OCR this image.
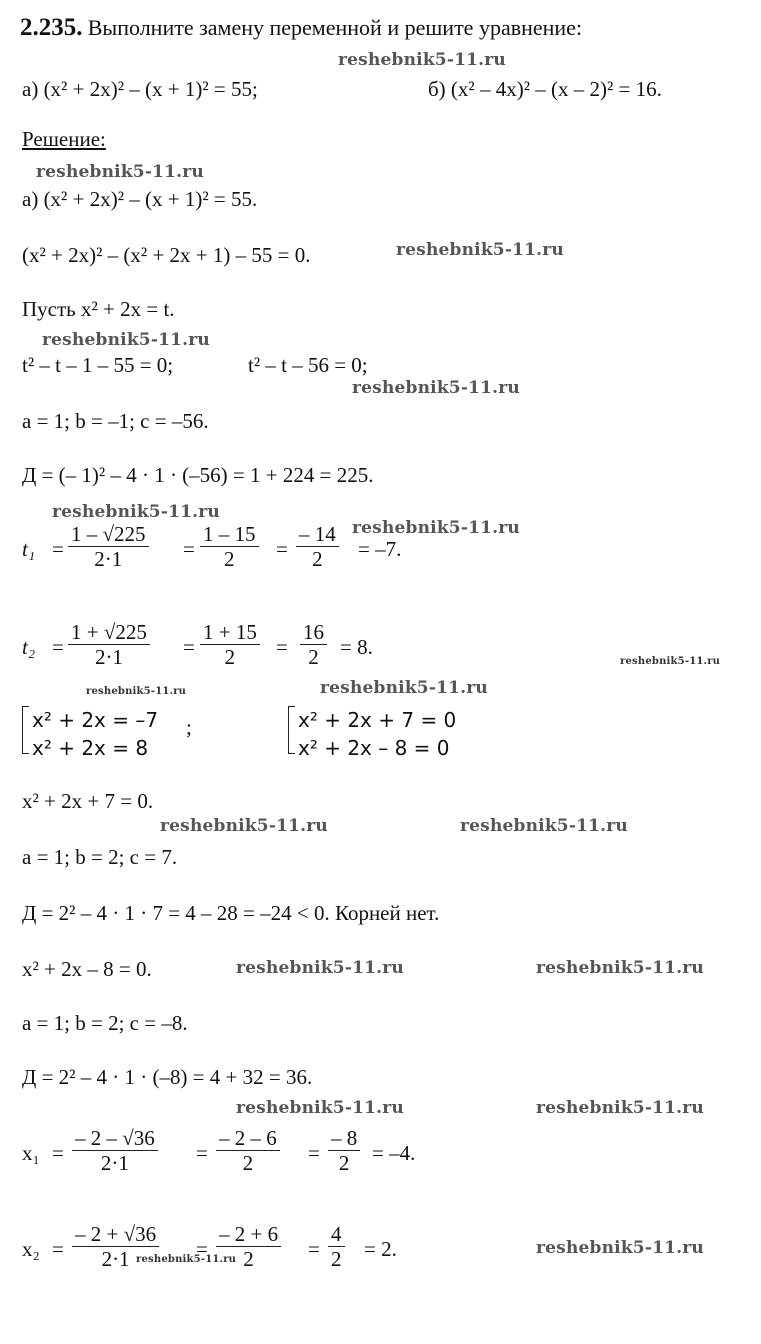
2.235. Выполните замену переменной и решите уравнение:
reshebnik5-11.ru
а) (x² + 2x)² – (x + 1)² = 55;	б) (x² – 4x)² – (x – 2)² = 16.
Решение:
reshebnik5-11.ru
а) (x² + 2x)² – (x + 1)² = 55.
(x² + 2x)² – (x² + 2x + 1) – 55 = 0.	reshebnik5-11.ru
Пусть x² + 2x = t.
reshebnik5-11.ru
t² – t – 1 – 55 = 0;	t² – t – 56 = 0;
reshebnik5-11.ru
a = 1; b = –1; c = –56.
Д = (– 1)² – 4 · 1 · (–56) = 1 + 224 = 225.
reshebnik5-11.ru
reshebnik5-11.ru
$t_1 = \frac{1 - √225}{2\cdot 1} = \frac{1 - 15}{2} = \frac{- 14}{2} = -7$.
$t_2 = \frac{1 + √225}{2\cdot 1} = \frac{1 + 15}{2} = \frac{16}{2} = 8$.
reshebnik5-11.ru
reshebnik5-11.ru	reshebnik5-11.ru
x² + 2x = –7
x² + 2x = 8
;	x² + 2x + 7 = 0
x² + 2x – 8 = 0
x² + 2x + 7 = 0.
reshebnik5-11.ru	reshebnik5-11.ru
a = 1; b = 2; c = 7.
Д = 2² – 4 · 1 · 7 = 4 – 28 = –24 < 0. Корней нет.
x² + 2x – 8 = 0.	reshebnik5-11.ru	reshebnik5-11.ru
a = 1; b = 2; c = –8.
Д = 2² – 4 · 1 · (–8) = 4 + 32 = 36.
reshebnik5-11.ru	reshebnik5-11.ru
$x_1 = \frac{- 2 - √36}{2\cdot 1} = \frac{- 2 - 6}{2} = \frac{- 8}{2} = -4$.
$x_2 = \frac{- 2 + √36}{2\cdot 1} = \frac{- 2 + 6}{2} = \frac{4}{2} = 2$.
reshebnik5-11.ru
reshebnik5-11.ru
